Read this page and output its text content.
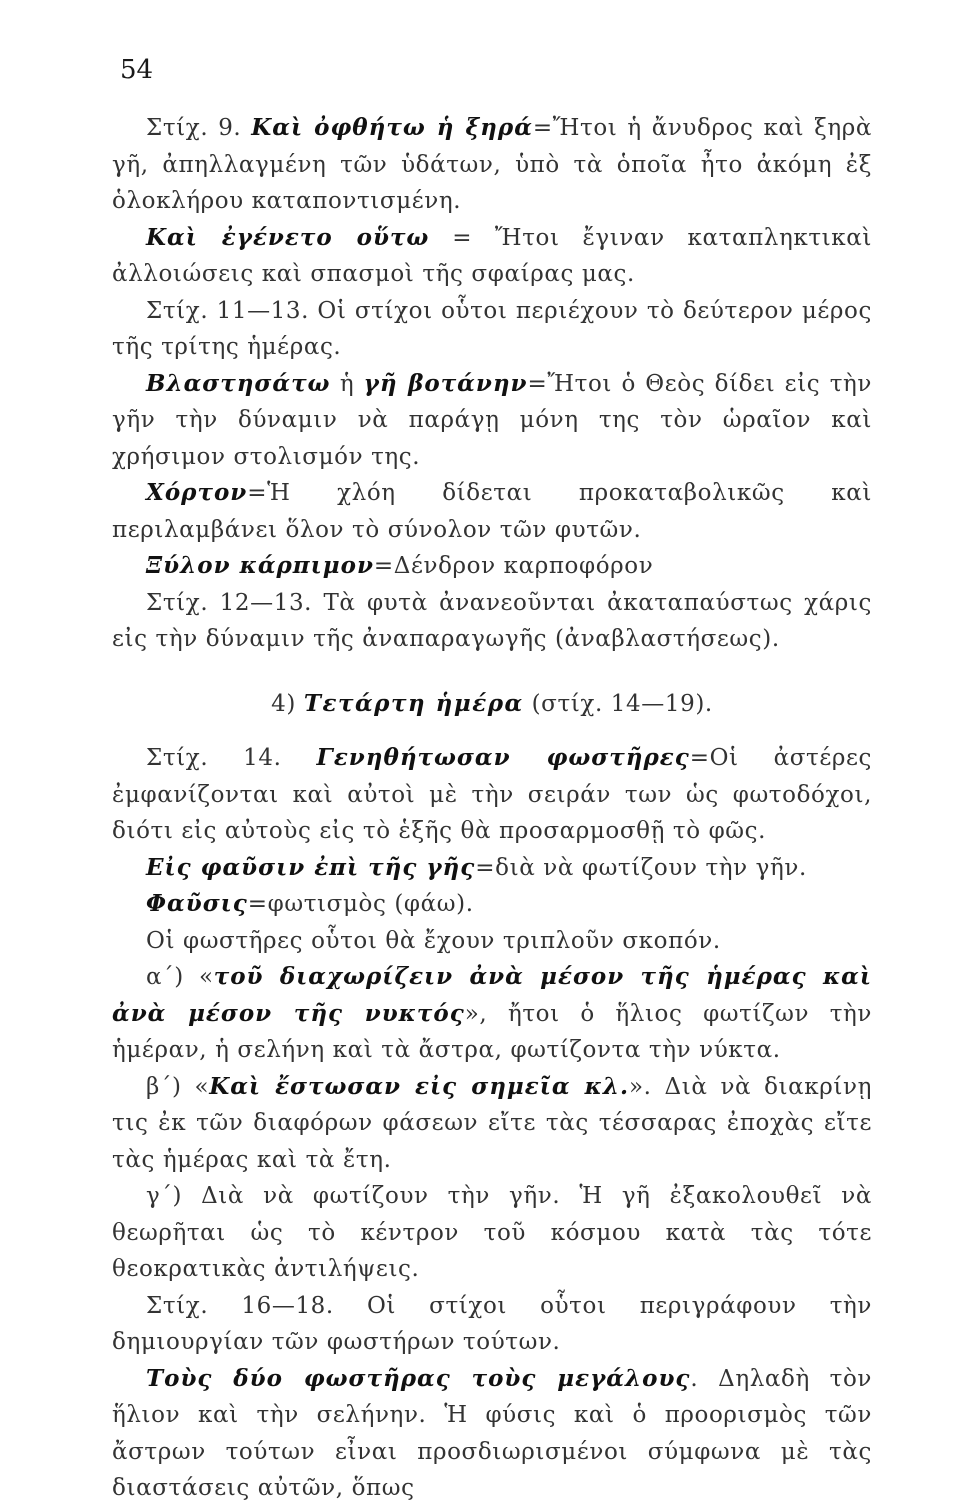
54

Στίχ. 9. Καὶ ὀφθήτω ἡ ξηρά=Ἤτοι ἡ ἄνυδρος καὶ ξηρὰ γῆ, ἀπηλλαγμένη τῶν ὑδάτων, ὑπὸ τὰ ὁποῖα ἦτο ἀκόμη ἐξ ὁλοκλήρου καταποντισμένη.

Καὶ ἐγένετο οὕτω = Ἤτοι ἔγιναν καταπληκτικαὶ ἀλλοιώσεις καὶ σπασμοὶ τῆς σφαίρας μας.

Στίχ. 11—13. Οἱ στίχοι οὗτοι περιέχουν τὸ δεύτερον μέρος τῆς τρίτης ἡμέρας.

Βλαστησάτω ἡ γῆ βοτάνην=Ἤτοι ὁ Θεὸς δίδει εἰς τὴν γῆν τὴν δύναμιν νὰ παράγῃ μόνη της τὸν ὡραῖον καὶ χρήσιμον στολισμόν της.

Χόρτον=Ἡ χλόη δίδεται προκαταβολικῶς καὶ περιλαμβάνει ὅλον τὸ σύνολον τῶν φυτῶν.

Ξύλον κάρπιμον=Δένδρον καρποφόρον

Στίχ. 12—13. Τὰ φυτὰ ἀνανεοῦνται ἀκαταπαύστως χάρις εἰς τὴν δύναμιν τῆς ἀναπαραγωγῆς (ἀναβλαστήσεως).

4) Τετάρτη ἡμέρα (στίχ. 14—19).

Στίχ. 14. Γενηθήτωσαν φωστῆρες=Οἱ ἀστέρες ἐμφανίζονται καὶ αὐτοὶ μὲ τὴν σειράν των ὡς φωτοδόχοι, διότι εἰς αὐτοὺς εἰς τὸ ἑξῆς θὰ προσαρμοσθῇ τὸ φῶς.

Εἰς φαῦσιν ἐπὶ τῆς γῆς=διὰ νὰ φωτίζουν τὴν γῆν.

Φαῦσις=φωτισμὸς (φάω).

Οἱ φωστῆρες οὗτοι θὰ ἔχουν τριπλοῦν σκοπόν.

α΄) «τοῦ διαχωρίζειν ἀνὰ μέσον τῆς ἡμέρας καὶ ἀνὰ μέσον τῆς νυκτός», ἤτοι ὁ ἥλιος φωτίζων τὴν ἡμέραν, ἡ σελήνη καὶ τὰ ἄστρα, φωτίζοντα τὴν νύκτα.

β΄) «Καὶ ἔστωσαν εἰς σημεῖα κλ.». Διὰ νὰ διακρίνῃ τις ἐκ τῶν διαφόρων φάσεων εἴτε τὰς τέσσαρας ἐποχὰς εἴτε τὰς ἡμέρας καὶ τὰ ἔτη.

γ΄) Διὰ νὰ φωτίζουν τὴν γῆν. Ἡ γῆ ἐξακολουθεῖ νὰ θεωρῆται ὡς τὸ κέντρον τοῦ κόσμου κατὰ τὰς τότε θεοκρατικὰς ἀντιλήψεις.

Στίχ. 16—18. Οἱ στίχοι οὗτοι περιγράφουν τὴν δημιουργίαν τῶν φωστήρων τούτων.

Τοὺς δύο φωστῆρας τοὺς μεγάλους. Δηλαδὴ τὸν ἥλιον καὶ τὴν σελήνην. Ἡ φύσις καὶ ὁ προορισμὸς τῶν ἄστρων τούτων εἶναι προσδιωρισμένοι σύμφωνα μὲ τὰς διαστάσεις αὐτῶν, ὅπως
